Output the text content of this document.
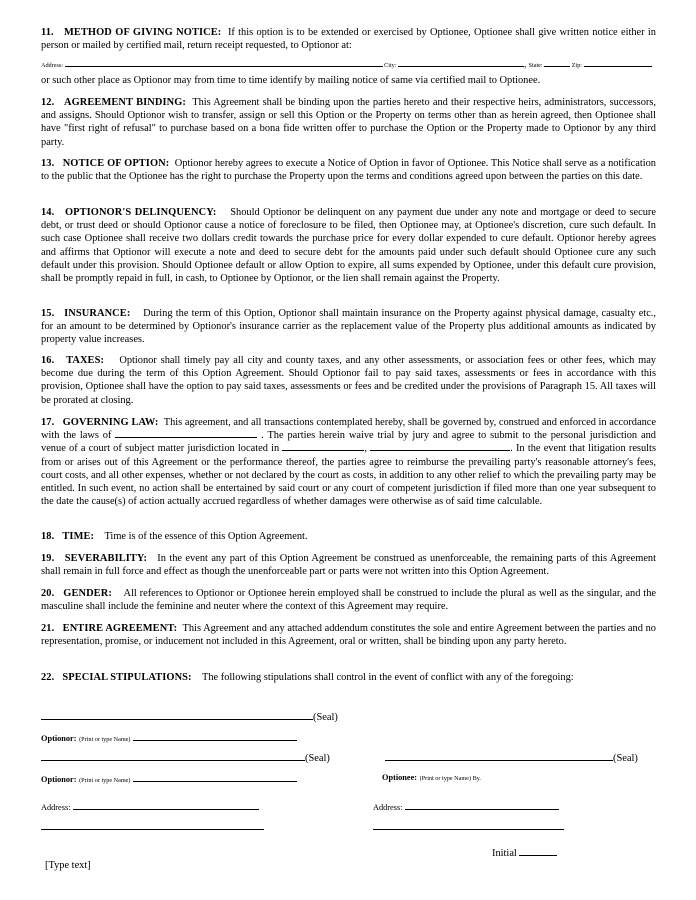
11. METHOD OF GIVING NOTICE: If this option is to be extended or exercised by Optionee, Optionee shall give written notice either in person or mailed by certified mail, return receipt requested, to Optionor at:

Address:	City:	, State:	Zip:

or such other place as Optionor may from time to time identify by mailing notice of same via certified mail to Optionee.

12. AGREEMENT BINDING: This Agreement shall be binding upon the parties hereto and their respective heirs, administrators, successors, and assigns. Should Optionor wish to transfer, assign or sell this Option or the Property on terms other than as herein agreed, then Optionee shall have "first right of refusal" to purchase based on a bona fide written offer to purchase the Option or the Property made to Optionor by any third party.

13. NOTICE OF OPTION: Optionor hereby agrees to execute a Notice of Option in favor of Optionee. This Notice shall serve as a notification to the public that the Optionee has the right to purchase the Property upon the terms and conditions agreed upon between the parties on this date.

14. OPTIONOR'S DELINQUENCY: Should Optionor be delinquent on any payment due under any note and mortgage or deed to secure debt, or trust deed or should Optionor cause a notice of foreclosure to be filed, then Optionee may, at Optionee's discretion, cure such default. In such case Optionee shall receive two dollars credit towards the purchase price for every dollar expended to cure default. Optionor hereby agrees and affirms that Optionor will execute a note and deed to secure debt for the amounts paid under such default should Optionee cure any such default under this provision. Should Optionee default or allow Option to expire, all sums expended by Optionee, under this default cure provision, shall be promptly repaid in full, in cash, to Optionee by Optionor, or the lien shall remain against the Property.

15. INSURANCE: During the term of this Option, Optionor shall maintain insurance on the Property against physical damage, casualty etc., for an amount to be determined by Optionor's insurance carrier as the replacement value of the Property plus additional amounts as indicated by property value increases.

16. TAXES: Optionor shall timely pay all city and county taxes, and any other assessments, or association fees or other fees, which may become due during the term of this Option Agreement. Should Optionor fail to pay said taxes, assessments or fees in accordance with this provision, Optionee shall have the option to pay said taxes, assessments or fees and be credited under the provisions of Paragraph 15. All taxes will be prorated at closing.

17. GOVERNING LAW: This agreement, and all transactions contemplated hereby, shall be governed by, construed and enforced in accordance with the laws of	. The parties herein waive trial by jury and agree to submit to the personal jurisdiction and venue of a court of subject matter jurisdiction located in	,	. In the event that litigation results from or arises out of this Agreement or the performance thereof, the parties agree to reimburse the prevailing party's reasonable attorney's fees, court costs, and all other expenses, whether or not declared by the court as costs, in addition to any other relief to which the prevailing party may be entitled. In such event, no action shall be entertained by said court or any court of competent jurisdiction if filed more than one year subsequent to the date the cause(s) of action actually accrued regardless of whether damages were otherwise as of said time calculable.

18. TIME: Time is of the essence of this Option Agreement.

19. SEVERABILITY: In the event any part of this Option Agreement be construed as unenforceable, the remaining parts of this Agreement shall remain in full force and effect as though the unenforceable part or parts were not written into this Option Agreement.

20. GENDER: All references to Optionor or Optionee herein employed shall be construed to include the plural as well as the singular, and the masculine shall include the feminine and neuter where the context of this Agreement may require.

21. ENTIRE AGREEMENT: This Agreement and any attached addendum constitutes the sole and entire Agreement between the parties and no representation, promise, or inducement not included in this Agreement, oral or written, shall be binding upon any party hereto.

22. SPECIAL STIPULATIONS: The following stipulations shall control in the event of conflict with any of the foregoing:

(Seal)
Optionor: (Print or type Name)
(Seal)	(Seal)
Optionor: (Print or type Name)	Optionee: (Print or type Name) By.
Address:	Address:
Initial
[Type text]
